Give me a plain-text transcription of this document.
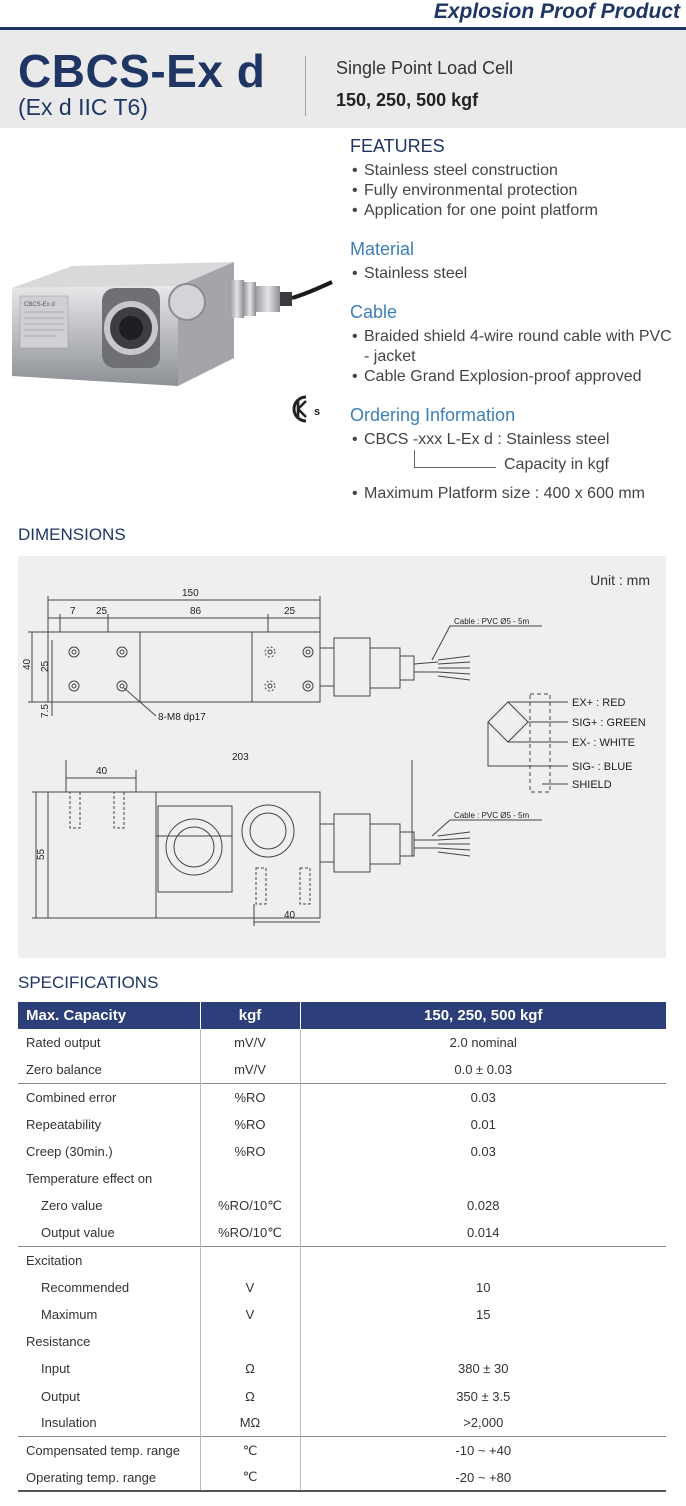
Explosion Proof Product
CBCS-Ex d
(Ex d IIC T6)
Single Point Load Cell
150, 250, 500 kgf
CBCS-Ex d
s
FEATURES
• Stainless steel construction
• Fully environmental protection
• Application for one point platform
Material
• Stainless steel
Cable
• Braided shield 4-wire round cable with PVC - jacket
• Cable Grand Explosion-proof approved
Ordering Information
• CBCS -xxx L-Ex d : Stainless steel
Capacity in kgf
• Maximum Platform size : 400 x 600 mm
DIMENSIONS
Unit : mm
150
7 25	86	25
40 25
7.5	8-M8 dp17
203
40
55
40
Cable : PVC Ø5 - 5m
Cable : PVC Ø5 - 5m
EX+ : RED
SIG+ : GREEN
EX- : WHITE
SIG- : BLUE
SHIELD
SPECIFICATIONS
Max. Capacity	kgf	150, 250, 500 kgf
Rated output	mV/V	2.0 nominal
Zero balance	mV/V	0.0 ± 0.03
Combined error	%RO	0.03
Repeatability	%RO	0.01
Creep (30min.)	%RO	0.03
Temperature effect on		
Zero value	%RO/10℃	0.028
Output value	%RO/10℃	0.014
Excitation		
Recommended	V	10
Maximum	V	15
Resistance		
Input	Ω	380 ± 30
Output	Ω	350 ± 3.5
Insulation	MΩ	>2,000
Compensated temp. range	℃	-10 ~ +40
Operating temp. range	℃	-20 ~ +80
